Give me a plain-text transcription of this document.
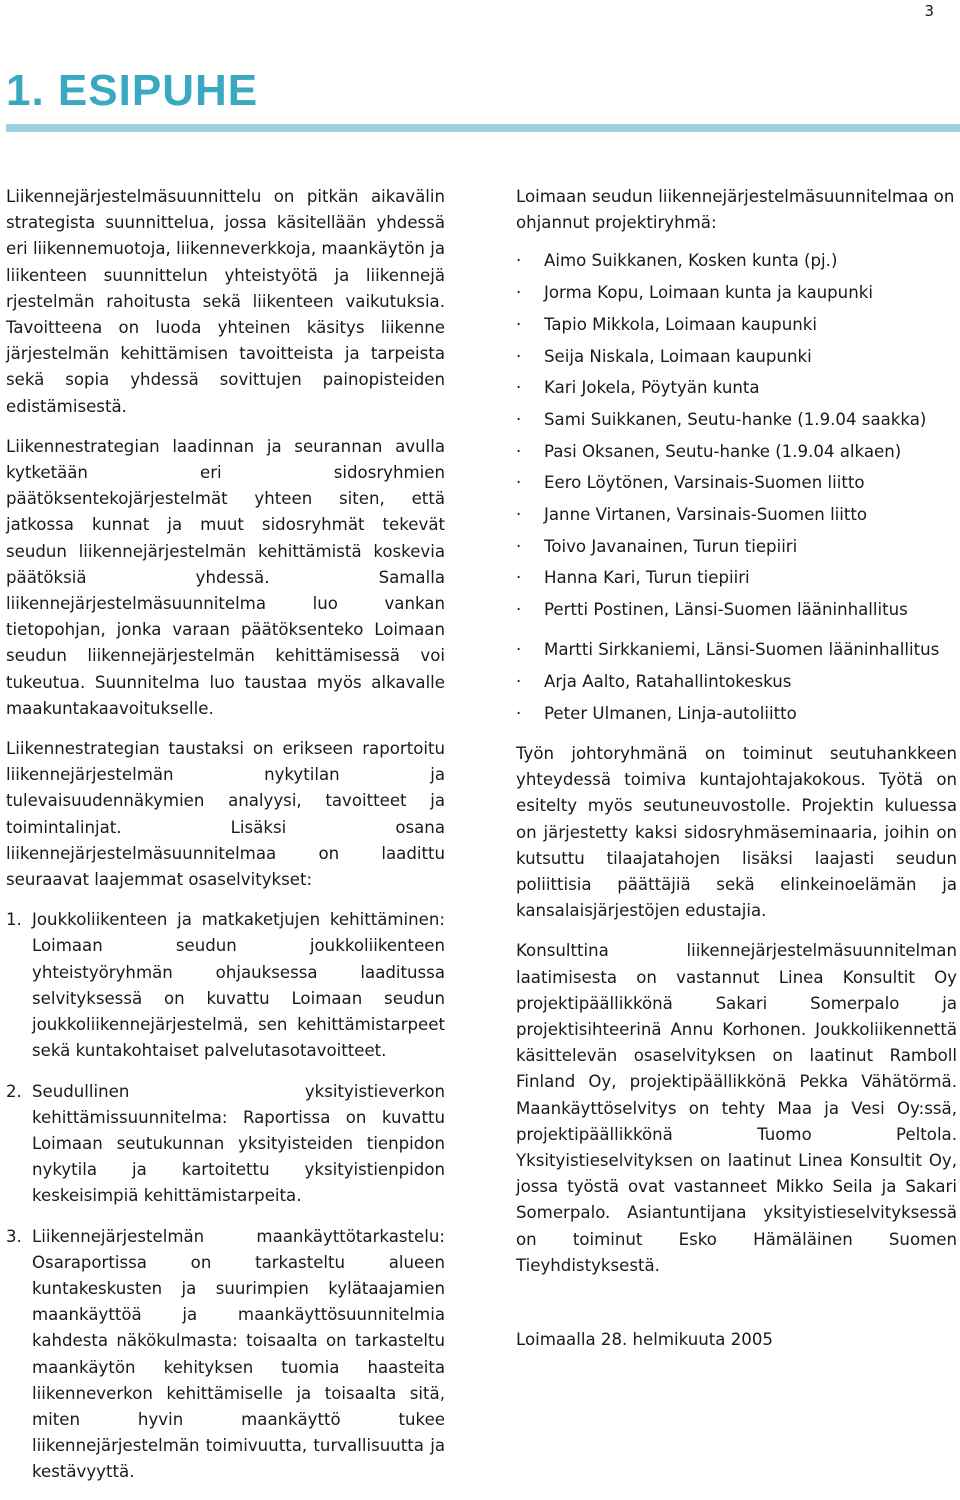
3
1. ESIPUHE

Liikennejärjestelmäsuunnittelu on pitkän aikavälin strategista suunnittelua, jossa käsitellään yhdessä eri liikennemuotoja, liikenneverkkoja, maankäytön ja liikenteen suunnittelun yhteistyötä ja liikennejä rjestelmän rahoitusta sekä liikenteen vaikutuksia. Tavoitteena on luoda yhteinen käsitys liikenne järjestelmän kehittämisen tavoitteista ja tarpeista sekä sopia yhdessä sovittujen painopisteiden edistämisestä.

Liikennestrategian laadinnan ja seurannan avulla kytketään eri sidosryhmien päätöksentekojärjestelmät yhteen siten, että jatkossa kunnat ja muut sidosryhmät tekevät seudun liikennejärjestelmän kehittämistä koskevia päätöksiä yhdessä. Samalla liikennejärjestelmäsuunnitelma luo vankan tietopohjan, jonka varaan päätöksenteko Loimaan seudun liikennejärjestelmän kehittämisessä voi tukeutua. Suunnitelma luo taustaa myös alkavalle maakuntakaavoitukselle.

Liikennestrategian taustaksi on erikseen raportoitu liikennejärjestelmän nykytilan ja tulevaisuudennäkymien analyysi, tavoitteet ja toimintalinjat. Lisäksi osana liikennejärjestelmäsuunnitelmaa on laadittu seuraavat laajemmat osaselvitykset:

1. Joukkoliikenteen ja matkaketjujen kehittäminen: Loimaan seudun joukkoliikenteen yhteistyöryhmän ohjauksessa laaditussa selvityksessä on kuvattu Loimaan seudun joukkoliikennejärjestelmä, sen kehittämistarpeet sekä kuntakohtaiset palvelutasotavoitteet.
2. Seudullinen yksityistieverkon kehittämissuunnitelma: Raportissa on kuvattu Loimaan seutukunnan yksityisteiden tienpidon nykytila ja kartoitettu yksityistienpidon keskeisimpiä kehittämistarpeita.
3. Liikennejärjestelmän maankäyttötarkastelu: Osaraportissa on tarkasteltu alueen kuntakeskusten ja suurimpien kylätaajamien maankäyttöä ja maankäyttösuunnitelmia kahdesta näkökulmasta: toisaalta on tarkasteltu maankäytön kehityksen tuomia haasteita liikenneverkon kehittämiselle ja toisaalta sitä, miten hyvin maankäyttö tukee liikennejärjestelmän toimivuutta, turvallisuutta ja kestävyyttä.

Loimaan seudun liikennejärjestelmäsuunnitelmaa on ohjannut projektiryhmä:

· Aimo Suikkanen, Kosken kunta (pj.)
· Jorma Kopu, Loimaan kunta ja kaupunki
· Tapio Mikkola, Loimaan kaupunki
· Seija Niskala, Loimaan kaupunki
· Kari Jokela, Pöytyän kunta
· Sami Suikkanen, Seutu-hanke (1.9.04 saakka)
· Pasi Oksanen, Seutu-hanke (1.9.04 alkaen)
· Eero Löytönen, Varsinais-Suomen liitto
· Janne Virtanen, Varsinais-Suomen liitto
· Toivo Javanainen, Turun tiepiiri
· Hanna Kari, Turun tiepiiri
· Pertti Postinen, Länsi-Suomen lääninhallitus
· Martti Sirkkaniemi, Länsi-Suomen lääninhallitus
· Arja Aalto, Ratahallintokeskus
· Peter Ulmanen, Linja-autoliitto

Työn johtoryhmänä on toiminut seutuhankkeen yhteydessä toimiva kuntajohtajakokous. Työtä on esitelty myös seutuneuvostolle. Projektin kuluessa on järjestetty kaksi sidosryhmäseminaaria, joihin on kutsuttu tilaajatahojen lisäksi laajasti seudun poliittisia päättäjiä sekä elinkeinoelämän ja kansalaisjärjestöjen edustajia.

Konsulttina liikennejärjestelmäsuunnitelman laatimisesta on vastannut Linea Konsultit Oy projektipäällikkönä Sakari Somerpalo ja projektisihteerinä Annu Korhonen. Joukkoliikennettä käsittelevän osaselvityksen on laatinut Ramboll Finland Oy, projektipäällikkönä Pekka Vähätörmä. Maankäyttöselvitys on tehty Maa ja Vesi Oy:ssä, projektipäällikkönä Tuomo Peltola. Yksityistieselvityksen on laatinut Linea Konsultit Oy, jossa työstä ovat vastanneet Mikko Seila ja Sakari Somerpalo. Asiantuntijana yksityistieselvityksessä on toiminut Esko Hämäläinen Suomen Tieyhdistyksestä.

Loimaalla 28. helmikuuta 2005
